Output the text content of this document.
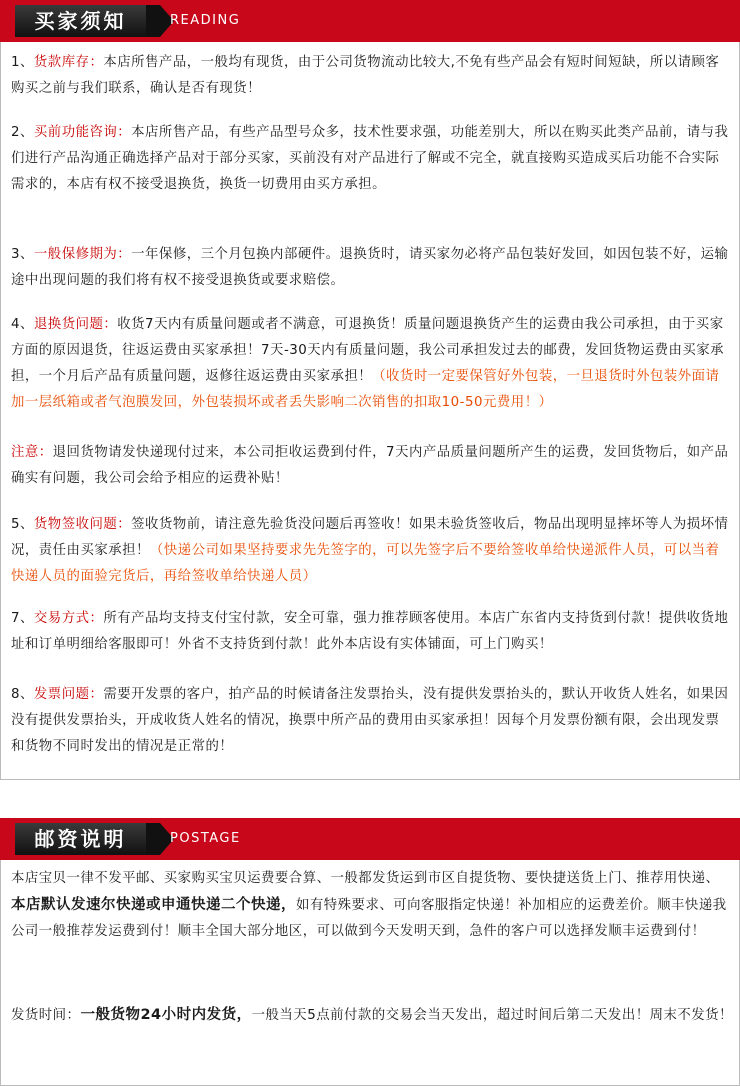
买家须知	READING
1、货款库存：本店所售产品，一般均有现货，由于公司货物流动比较大,不免有些产品会有短时间短缺，所以请顾客购买之前与我们联系，确认是否有现货！
2、买前功能咨询：本店所售产品，有些产品型号众多，技术性要求强，功能差别大，所以在购买此类产品前，请与我们进行产品沟通正确选择产品对于部分买家，买前没有对产品进行了解或不完全，就直接购买造成买后功能不合实际需求的，本店有权不接受退换货，换货一切费用由买方承担。
3、一般保修期为：一年保修，三个月包换内部硬件。退换货时，请买家勿必将产品包装好发回，如因包装不好，运输途中出现问题的我们将有权不接受退换货或要求赔偿。
4、退换货问题：收货7天内有质量问题或者不满意，可退换货！质量问题退换货产生的运费由我公司承担，由于买家方面的原因退货，往返运费由买家承担！7天-30天内有质量问题，我公司承担发过去的邮费，发回货物运费由买家承担，一个月后产品有质量问题，返修往返运费由买家承担！（收货时一定要保管好外包装，一旦退货时外包装外面请加一层纸箱或者气泡膜发回，外包装损坏或者丢失影响二次销售的扣取10-50元费用！）
注意：退回货物请发快递现付过来，本公司拒收运费到付件，7天内产品质量问题所产生的运费，发回货物后，如产品确实有问题，我公司会给予相应的运费补贴！
5、货物签收问题：签收货物前，请注意先验货没问题后再签收！如果未验货签收后，物品出现明显摔坏等人为损坏情况，责任由买家承担！（快递公司如果坚持要求先先签字的，可以先签字后不要给签收单给快递派件人员，可以当着快递人员的面验完货后，再给签收单给快递人员）
7、交易方式：所有产品均支持支付宝付款，安全可靠，强力推荐顾客使用。本店广东省内支持货到付款！提供收货地址和订单明细给客服即可！外省不支持货到付款！此外本店设有实体铺面，可上门购买！
8、发票问题：需要开发票的客户，拍产品的时候请备注发票抬头，没有提供发票抬头的，默认开收货人姓名，如果因没有提供发票抬头，开成收货人姓名的情况，换票中所产品的费用由买家承担！因每个月发票份额有限，会出现发票和货物不同时发出的情况是正常的！
邮资说明	POSTAGE
本店宝贝一律不发平邮、买家购买宝贝运费要合算、一般都发货运到市区自提货物、要快捷送货上门、推荐用快递、本店默认发速尔快递或申通快递二个快递，如有特殊要求、可向客服指定快递！补加相应的运费差价。顺丰快递我公司一般推荐发运费到付！顺丰全国大部分地区，可以做到今天发明天到，急件的客户可以选择发顺丰运费到付！
发货时间：一般货物24小时内发货，一般当天5点前付款的交易会当天发出，超过时间后第二天发出！周末不发货！
